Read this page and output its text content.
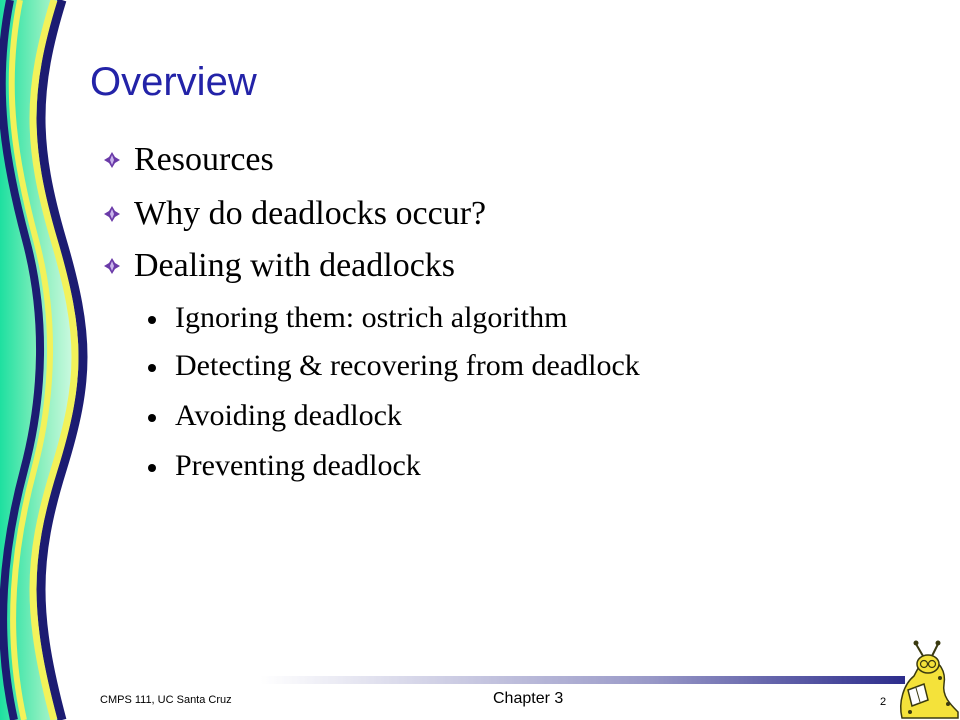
Overview
Resources
Why do deadlocks occur?
Dealing with deadlocks
Ignoring them: ostrich algorithm
Detecting & recovering from deadlock
Avoiding deadlock
Preventing deadlock
CMPS 111, UC Santa Cruz	Chapter 3	2
